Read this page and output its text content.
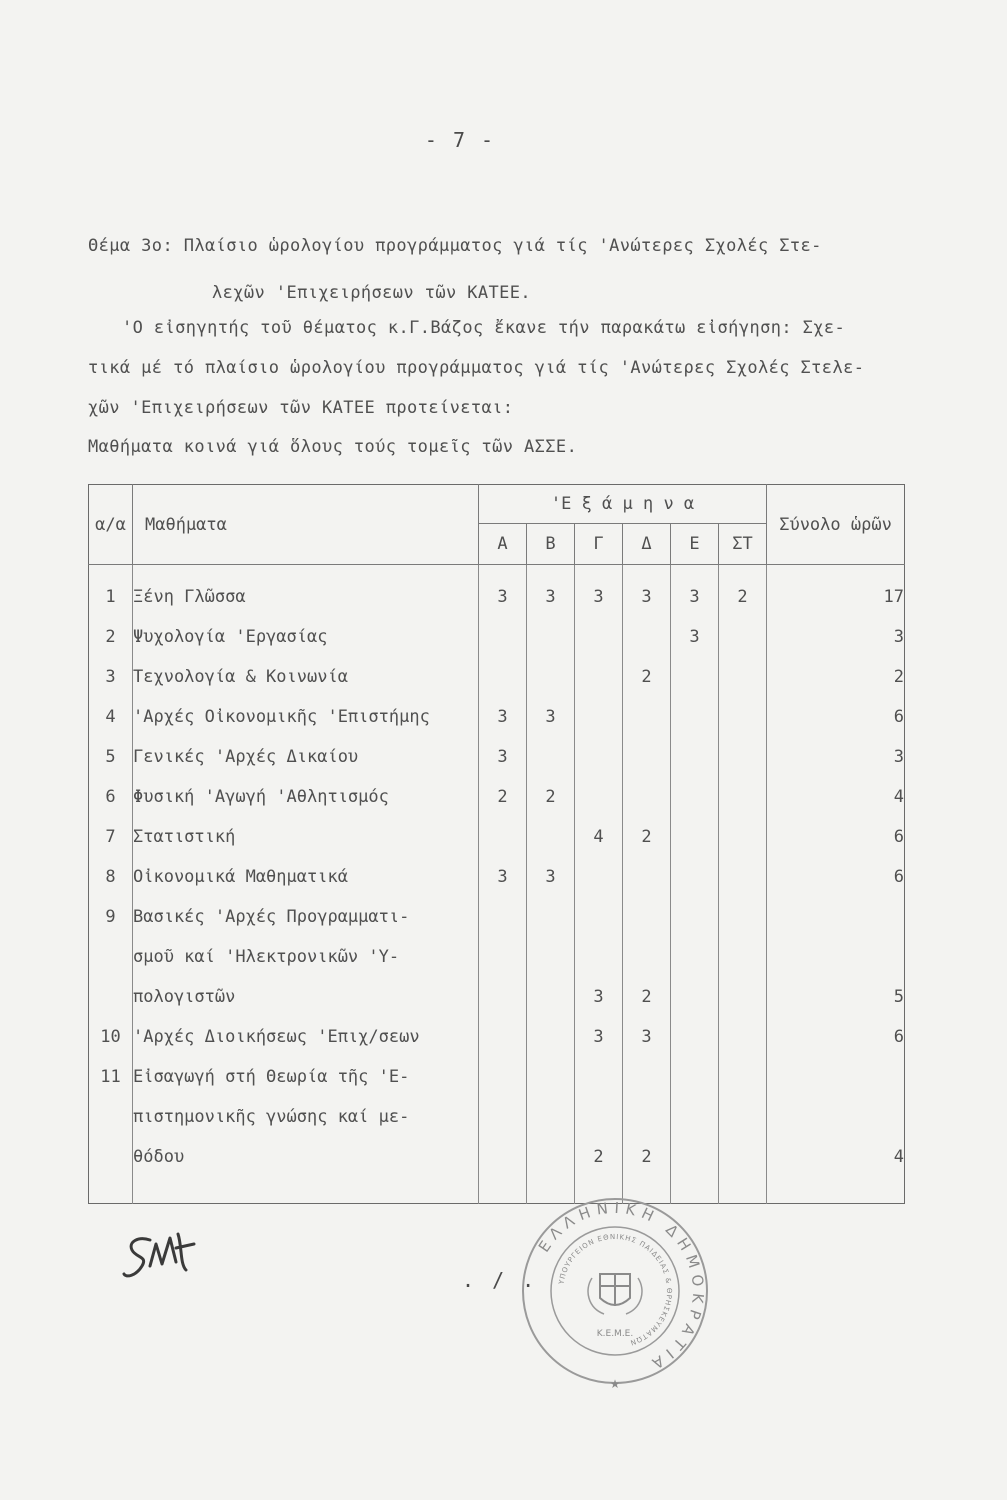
- 7 -
Θέμα 3ο: Πλαίσιο ὡρολογίου προγράμματος γιά τίς 'Ανώτερες Σχολές Στε-
λεχῶν 'Επιχειρήσεων τῶν ΚΑΤΕΕ.
'Ο εἰσηγητής τοῦ θέματος κ.Γ.Βάζος ἔκανε τήν παρακάτω εἰσήγηση: Σχε-
τικά μέ τό πλαίσιο ὡρολογίου προγράμματος γιά τίς 'Ανώτερες Σχολές Στελε-
χῶν 'Επιχειρήσεων τῶν ΚΑΤΕΕ προτείνεται:
Μαθήματα κοινά γιά ὅλους τούς τομεῖς τῶν ΑΣΣΕ.
α/α	Μαθήματα	'Ε ξ ά μ η ν α						Σύνολο ὡρῶν
		Α	Β	Γ	Δ	Ε	ΣΤ	

1	Ξένη Γλῶσσα	3	3	3	3	3	2	17
2	Ψυχολογία 'Εργασίας					3		3
3	Τεχνολογία & Κοινωνία				2			2
4	'Αρχές Οἰκονομικῆς 'Επιστήμης	3	3					6
5	Γενικές 'Αρχές Δικαίου	3						3
6	Φυσική 'Αγωγή 'Αθλητισμός	2	2					4
7	Στατιστική			4	2			6
8	Οἰκονομικά Μαθηματικά	3	3					6
9	Βασικές 'Αρχές Προγραμματι-							
	σμοῦ καί 'Ηλεκτρονικῶν 'Υ-							
	πολογιστῶν			3	2			5
10	'Αρχές Διοικήσεως 'Επιχ/σεων			3	3			6
11	Εἰσαγωγή στή Θεωρία τῆς 'Ε-							
	πιστημονικῆς γνώσης καί με-							
	θόδου			2	2			4

. / .
ΕΛΛΗΝΙΚΗ ΔΗΜΟΚΡΑΤΙΑ
ΥΠΟΥΡΓΕΙΟΝ ΕΘΝΙΚΗΣ ΠΑΙΔΕΙΑΣ & ΘΡΗΣΚΕΥΜΑΤΩΝ
Κ.Ε.Μ.Ε.
★
